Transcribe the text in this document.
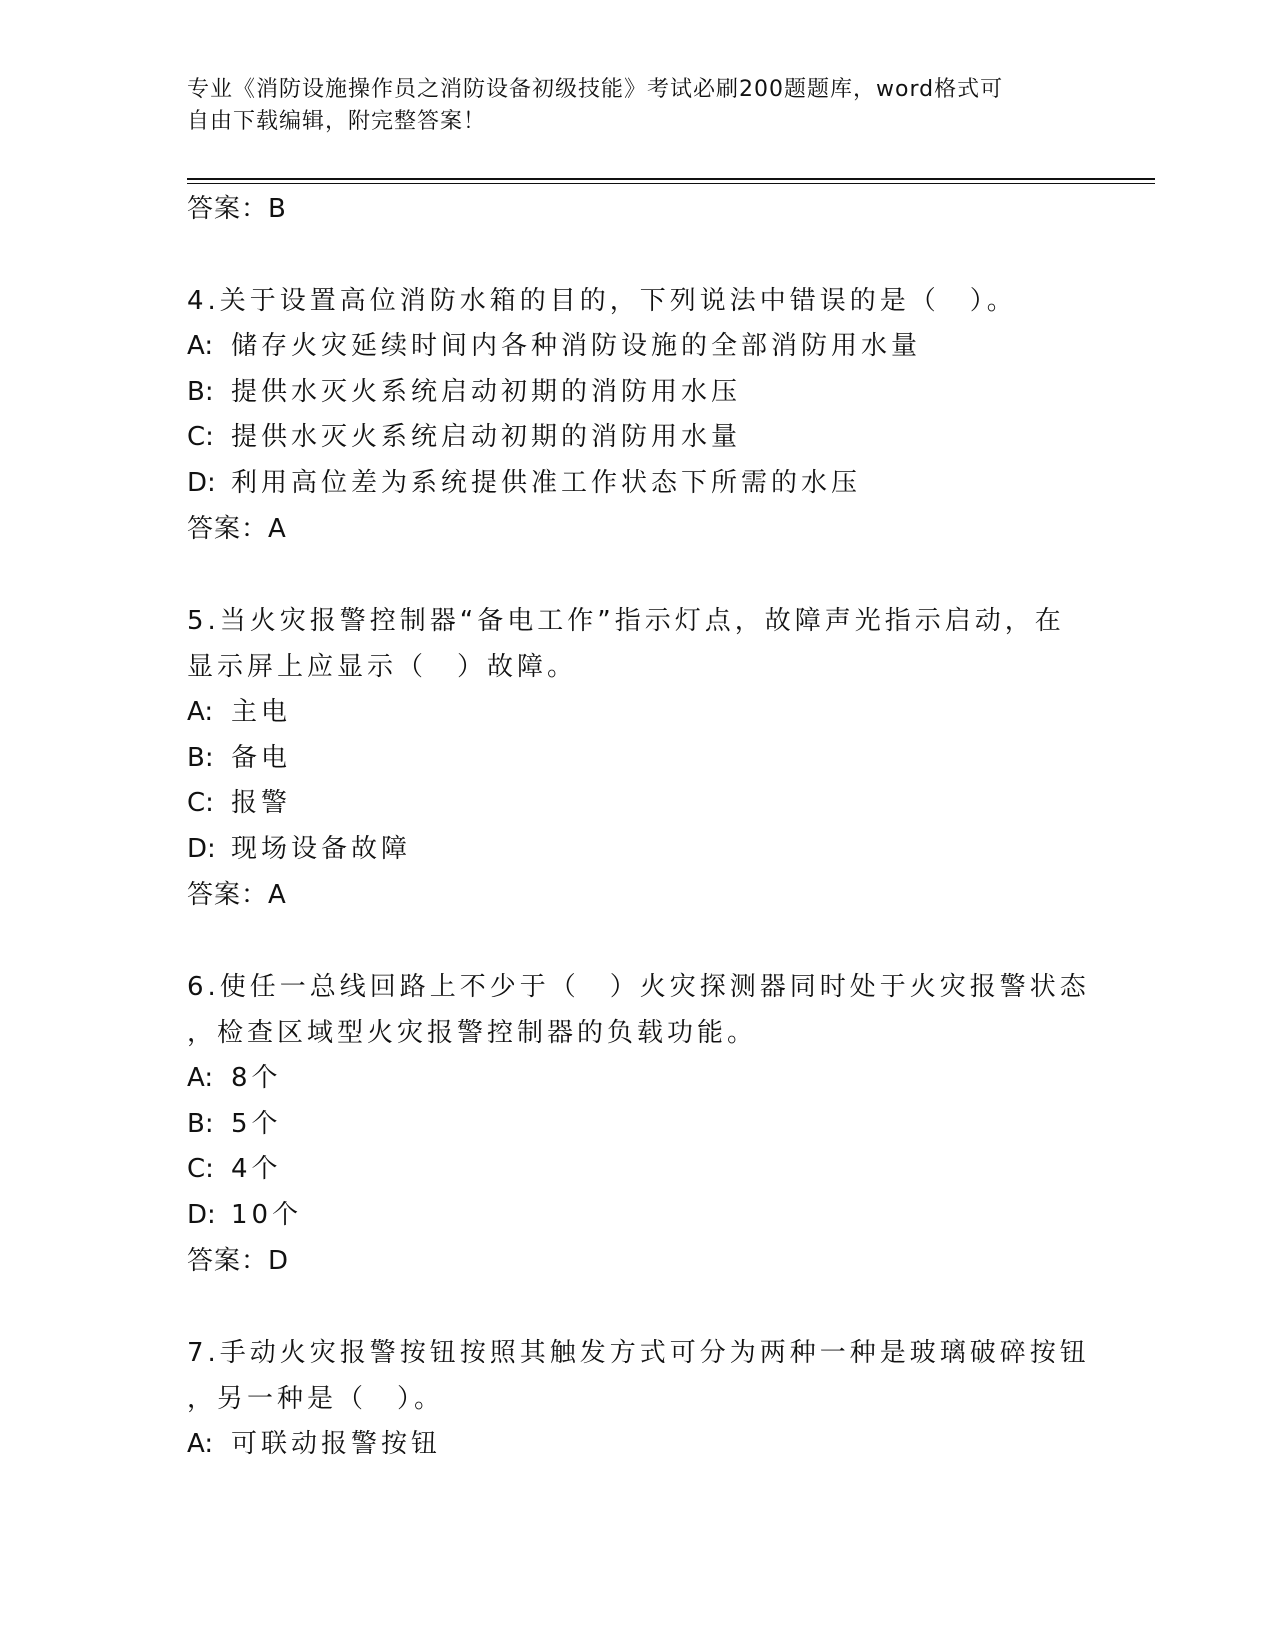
专业《消防设施操作员之消防设备初级技能》考试必刷200题题库，word格式可
自由下载编辑，附完整答案！
答案：B
4.关于设置高位消防水箱的目的，下列说法中错误的是（　）。
A: 储存火灾延续时间内各种消防设施的全部消防用水量
B: 提供水灭火系统启动初期的消防用水压
C: 提供水灭火系统启动初期的消防用水量
D: 利用高位差为系统提供准工作状态下所需的水压
答案：A
5.当火灾报警控制器“备电工作”指示灯点，故障声光指示启动，在
显示屏上应显示（　）故障。
A: 主电
B: 备电
C: 报警
D: 现场设备故障
答案：A
6.使任一总线回路上不少于（　）火灾探测器同时处于火灾报警状态
，检查区域型火灾报警控制器的负载功能。
A: 8个
B: 5个
C: 4个
D: 10个
答案：D
7.手动火灾报警按钮按照其触发方式可分为两种一种是玻璃破碎按钮
，另一种是（　）。
A: 可联动报警按钮
